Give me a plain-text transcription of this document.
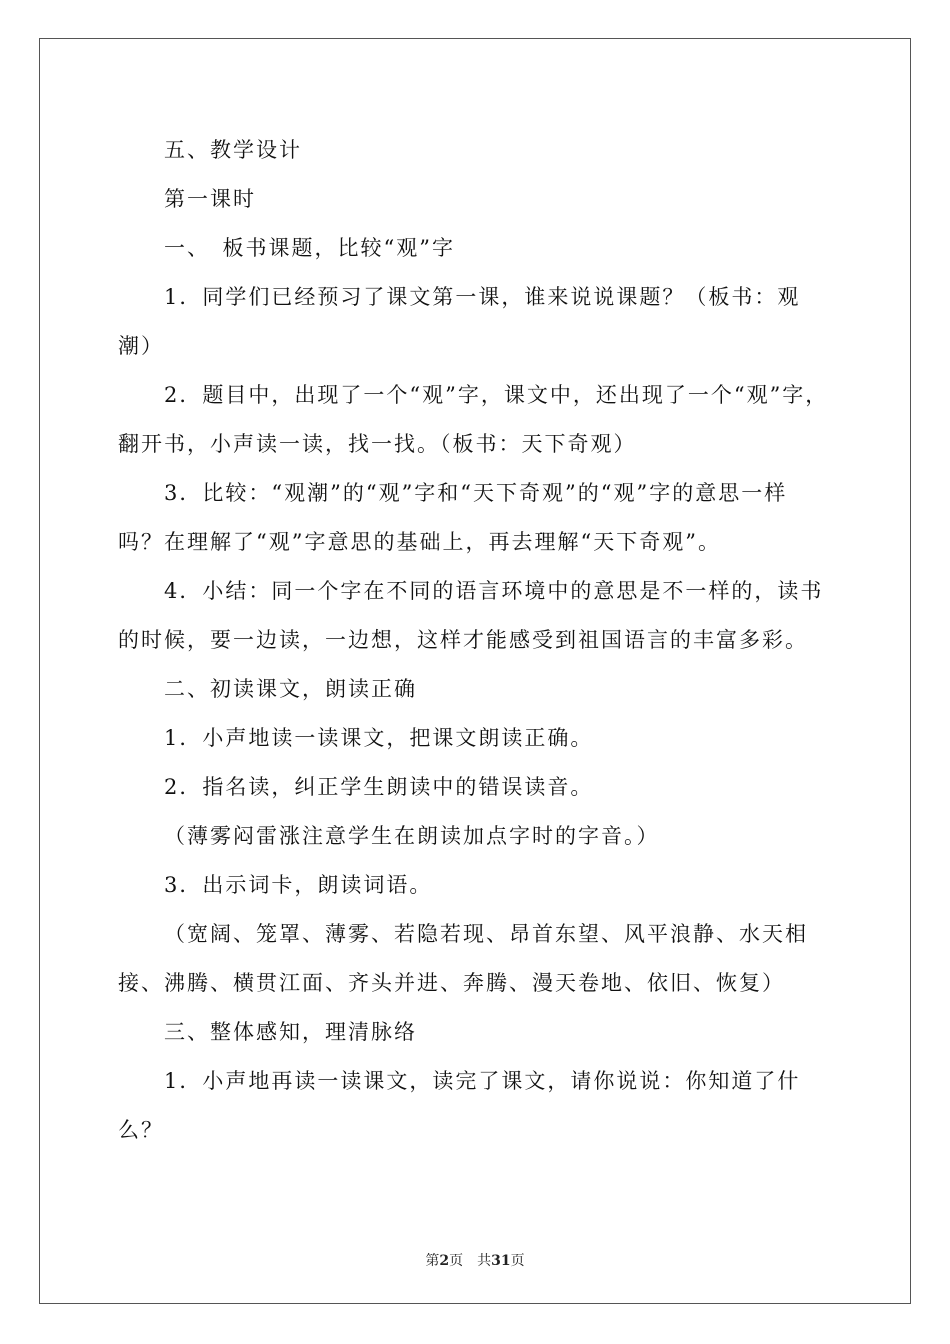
五、教学设计

第一课时

一、　板书课题，比较“观”字

1．同学们已经预习了课文第一课，谁来说说课题？（板书：观潮）

2．题目中，出现了一个“观”字，课文中，还出现了一个“观”字，翻开书，小声读一读，找一找。（板书：天下奇观）

3．比较：“观潮”的“观”字和“天下奇观”的“观”字的意思一样吗？在理解了“观”字意思的基础上，再去理解“天下奇观”。

4．小结：同一个字在不同的语言环境中的意思是不一样的，读书的时候，要一边读，一边想，这样才能感受到祖国语言的丰富多彩。

二、初读课文，朗读正确

1．小声地读一读课文，把课文朗读正确。

2．指名读，纠正学生朗读中的错误读音。

（薄雾闷雷涨注意学生在朗读加点字时的字音。）

3．出示词卡，朗读词语。

（宽阔、笼罩、薄雾、若隐若现、昂首东望、风平浪静、水天相接、沸腾、横贯江面、齐头并进、奔腾、漫天卷地、依旧、恢复）

三、整体感知，理清脉络

1．小声地再读一读课文，读完了课文，请你说说：你知道了什么？

第2页 共31页
